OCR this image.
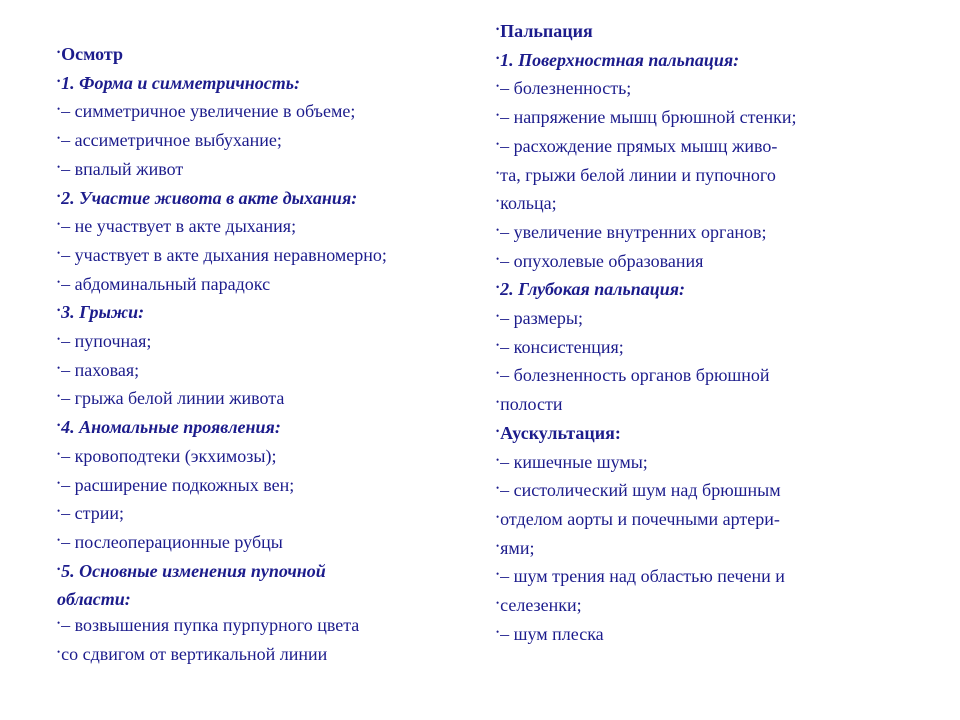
•Осмотр
•1. Форма и симметричность:
•– симметричное увеличение в объеме;
•– ассиметричное выбухание;
•– впалый живот
•2. Участие живота в акте дыхания:
•– не участвует в акте дыхания;
•– участвует в акте дыхания неравномерно;
•– абдоминальный парадокс
•3. Грыжи:
•– пупочная;
•– паховая;
•– грыжа белой линии живота
•4. Аномальные проявления:
•– кровоподтеки (экхимозы);
•– расширение подкожных вен;
•– стрии;
•– послеоперационные рубцы
•5. Основные изменения пупочной
области:
•– возвышения пупка пурпурного цвета
•со сдвигом от вертикальной линии
•Пальпация
•1. Поверхностная пальпация:
•– болезненность;
•– напряжение мышц брюшной стенки;
•– расхождение прямых мышц живо-
•та, грыжи белой линии и пупочного
•кольца;
•– увеличение внутренних органов;
•– опухолевые образования
•2. Глубокая пальпация:
•– размеры;
•– консистенция;
•– болезненность органов брюшной
•полости
•Аускультация:
•– кишечные шумы;
•– систолический шум над брюшным
•отделом аорты и почечными артери-
•ями;
•– шум трения над областью печени и
•селезенки;
•– шум плеска
